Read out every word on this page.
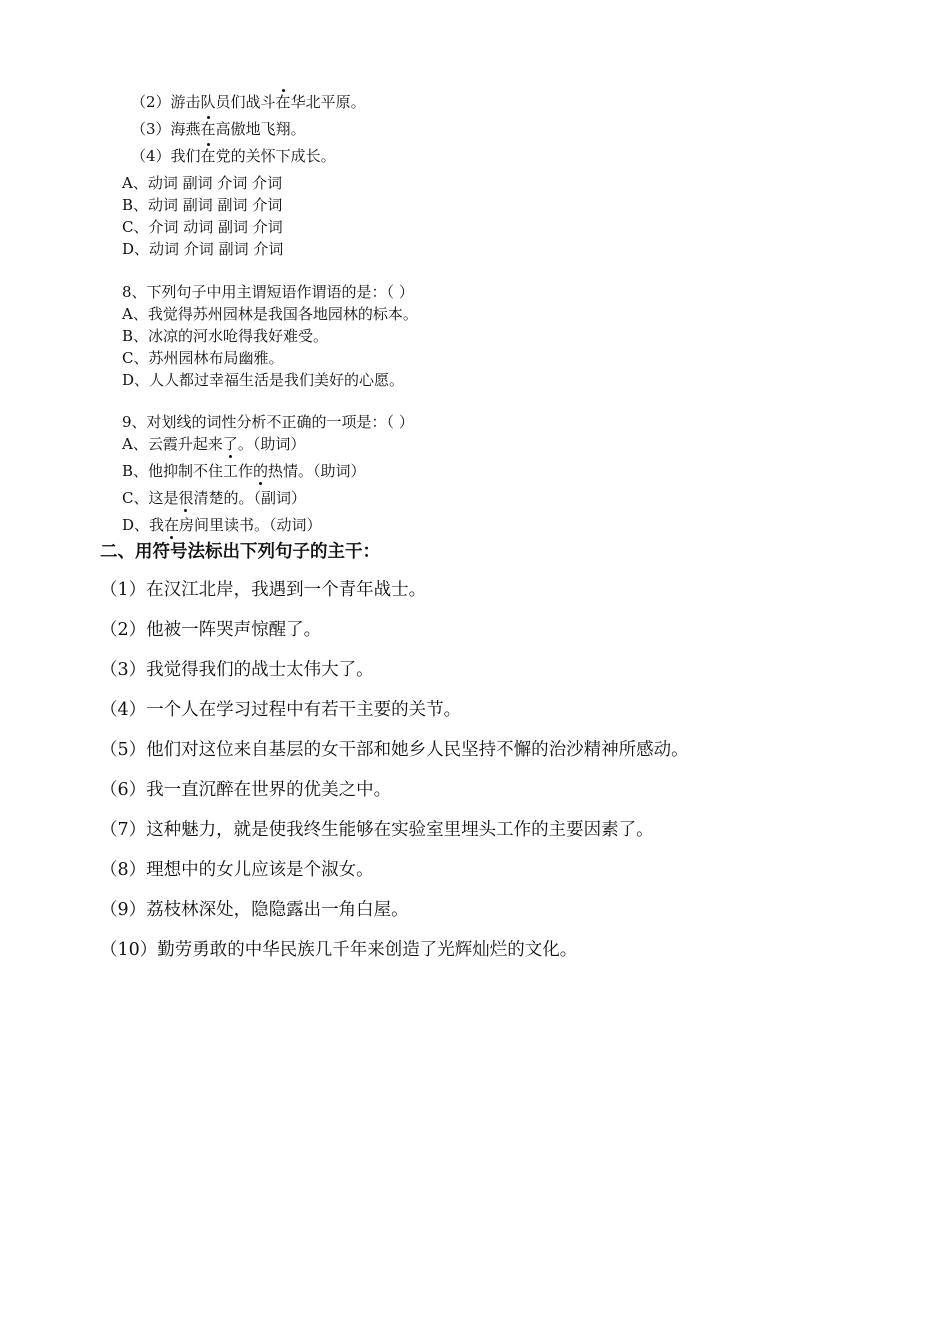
（2）游击队员们战斗在华北平原。
（3）海燕在高傲地飞翔。
（4）我们在党的关怀下成长。
A、动词 副词 介词 介词
B、动词 副词 副词 介词
C、介词 动词 副词 介词
D、动词 介词 副词 介词
8、下列句子中用主谓短语作谓语的是：（ ）
A、我觉得苏州园林是我国各地园林的标本。
B、冰凉的河水呛得我好难受。
C、苏州园林布局幽雅。
D、人人都过幸福生活是我们美好的心愿。
9、对划线的词性分析不正确的一项是：（ ）
A、云霞升起来了。（助词）
B、他抑制不住工作的热情。（助词）
C、这是很清楚的。（副词）
D、我在房间里读书。（动词）
二、用符号法标出下列句子的主干：
（1）在汉江北岸，我遇到一个青年战士。
（2）他被一阵哭声惊醒了。
（3）我觉得我们的战士太伟大了。
（4）一个人在学习过程中有若干主要的关节。
（5）他们对这位来自基层的女干部和她乡人民坚持不懈的治沙精神所感动。
（6）我一直沉醉在世界的优美之中。
（7）这种魅力，就是使我终生能够在实验室里埋头工作的主要因素了。
（8）理想中的女儿应该是个淑女。
（9）荔枝林深处，隐隐露出一角白屋。
（10）勤劳勇敢的中华民族几千年来创造了光辉灿烂的文化。
